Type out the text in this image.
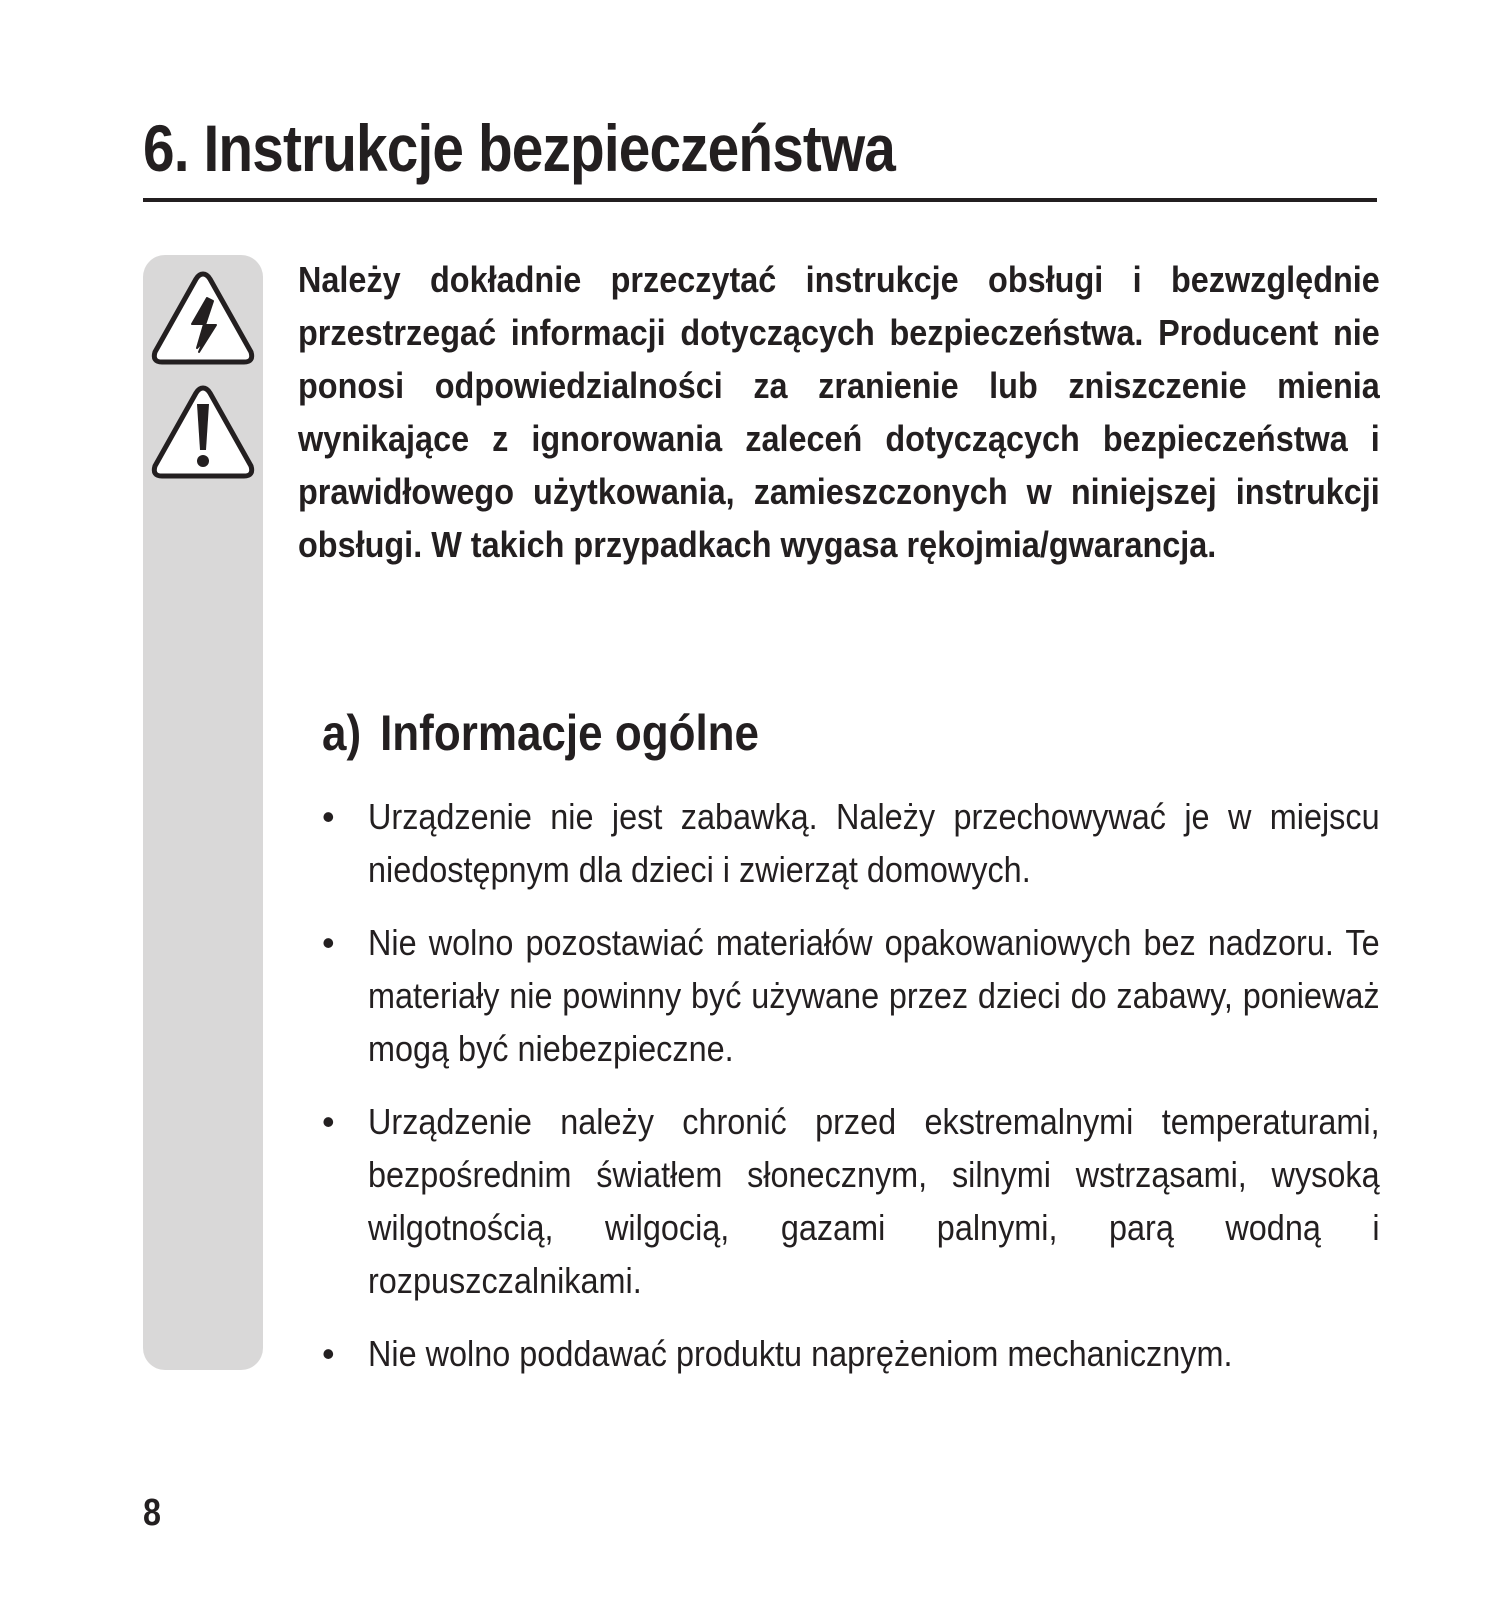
6. Instrukcje bezpieczeństwa

Należy dokładnie przeczytać instrukcje obsługi i bezwzględnie przestrzegać informacji dotyczących bezpieczeństwa. Producent nie ponosi odpowiedzialności za zranienie lub zniszczenie mienia wynikające z ignorowania zaleceń dotyczących bezpieczeństwa i prawidłowego użytkowania, zamieszczonych w niniejszej instrukcji obsługi. W takich przypadkach wygasa rękojmia/gwarancja.

a) Informacje ogólne
• Urządzenie nie jest zabawką. Należy przechowywać je w miejscu niedostępnym dla dzieci i zwierząt domowych.
• Nie wolno pozostawiać materiałów opakowaniowych bez nadzoru. Te materiały nie powinny być używane przez dzieci do zabawy, ponieważ mogą być niebezpieczne.
• Urządzenie należy chronić przed ekstremalnymi temperaturami, bezpośrednim światłem słonecznym, silnymi wstrząsami, wysoką wilgotnością, wilgocią, gazami palnymi, parą wodną i rozpuszczalnikami.
• Nie wolno poddawać produktu naprężeniom mechanicznym.
8
